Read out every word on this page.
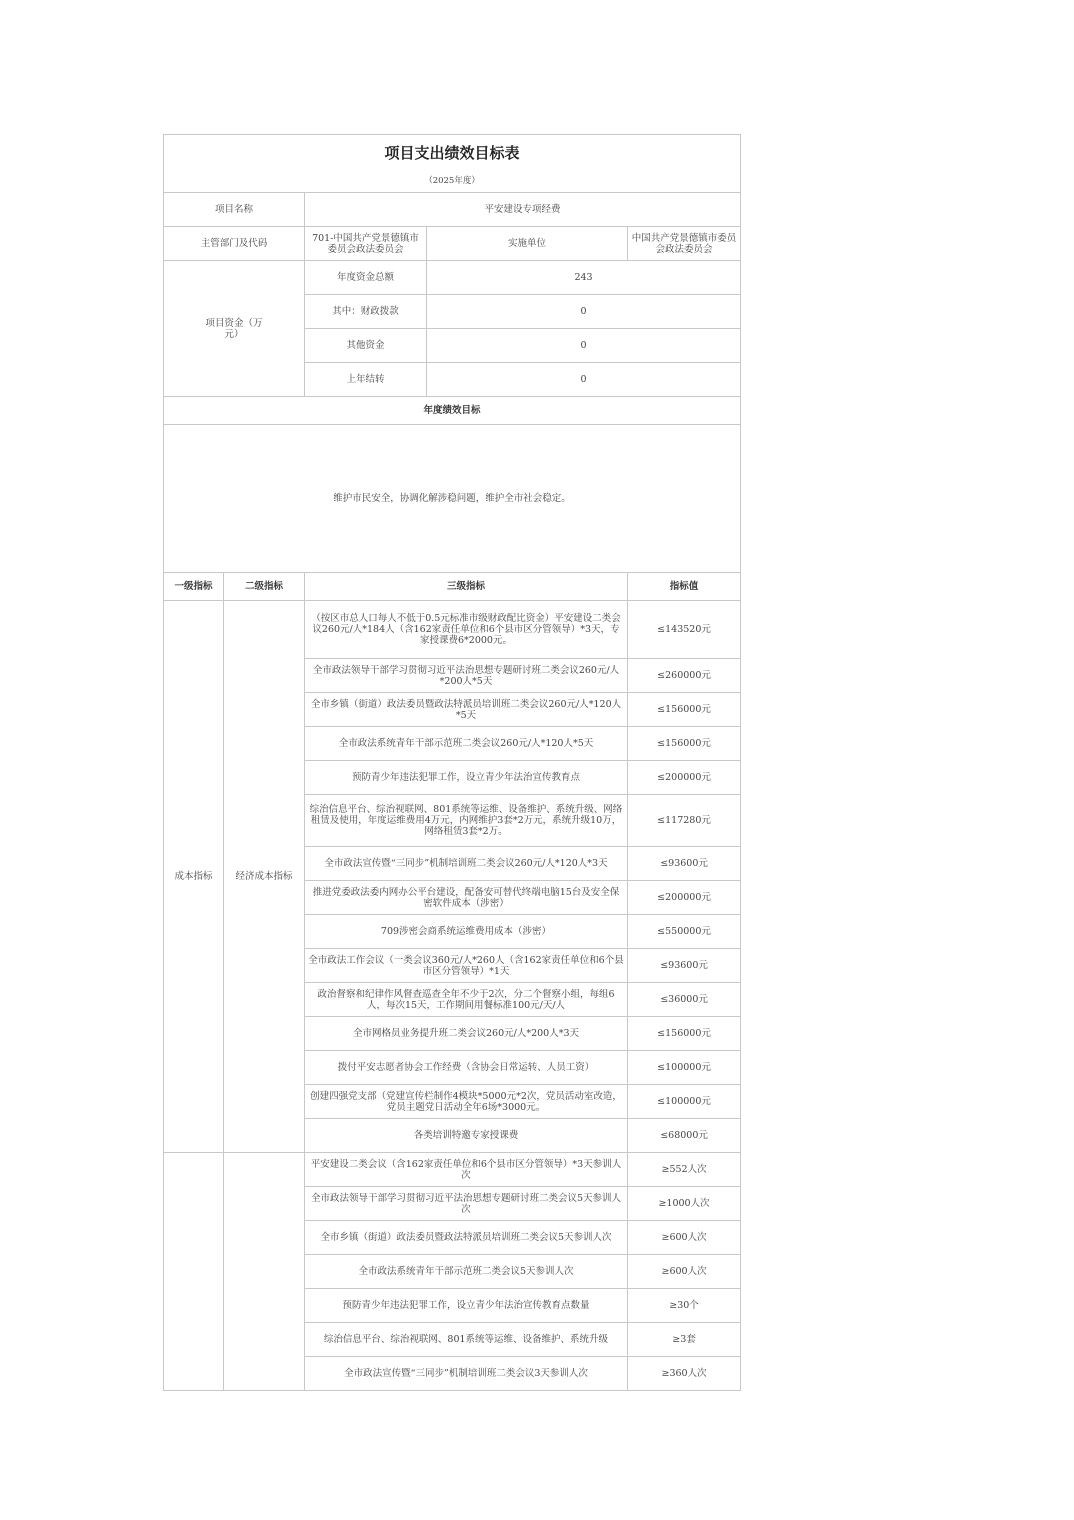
项目支出绩效目标表				
（2025年度）				
项目名称		平安建设专项经费		
主管部门及代码		701-中国共产党景德镇市委员会政法委员会	实施单位	中国共产党景德镇市委员会政法委员会
项目资金（万元）		年度资金总额	243	
		其中：财政拨款	0	
		其他资金	0	
		上年结转	0	
年度绩效目标				
维护市民安全，协调化解涉稳问题，维护全市社会稳定。				
一级指标	二级指标	三级指标		指标值
成本指标	经济成本指标	（按区市总人口每人不低于0.5元标准市级财政配比资金）平安建设二类会议260元/人*184人（含162家责任单位和6个县市区分管领导）*3天，专家授课费6*2000元。		≤143520元
		全市政法领导干部学习贯彻习近平法治思想专题研讨班二类会议260元/人*200人*5天		≤260000元
		全市乡镇（街道）政法委员暨政法特派员培训班二类会议260元/人*120人*5天		≤156000元
		全市政法系统青年干部示范班二类会议260元/人*120人*5天		≤156000元
		预防青少年违法犯罪工作，设立青少年法治宣传教育点		≤200000元
		综治信息平台、综治视联网、801系统等运维、设备维护、系统升级、网络租赁及使用，年度运维费用4万元，内网维护3套*2万元，系统升级10万，网络租赁3套*2万。		≤117280元
		全市政法宣传暨“三同步”机制培训班二类会议260元/人*120人*3天		≤93600元
		推进党委政法委内网办公平台建设，配备安可替代终端电脑15台及安全保密软件成本（涉密）		≤200000元
		709涉密会商系统运维费用成本（涉密）		≤550000元
		全市政法工作会议（一类会议360元/人*260人（含162家责任单位和6个县市区分管领导）*1天		≤93600元
		政治督察和纪律作风督查巡查全年不少于2次，分二个督察小组，每组6人，每次15天，工作期间用餐标准100元/天/人		≤36000元
		全市网格员业务提升班二类会议260元/人*200人*3天		≤156000元
		拨付平安志愿者协会工作经费（含协会日常运转、人员工资）		≤100000元
		创建四强党支部（党建宣传栏制作4模块*5000元*2次，党员活动室改造，党员主题党日活动全年6场*3000元。		≤100000元
		各类培训特邀专家授课费		≤68000元
		平安建设二类会议（含162家责任单位和6个县市区分管领导）*3天参训人次		≥552人次
		全市政法领导干部学习贯彻习近平法治思想专题研讨班二类会议5天参训人次		≥1000人次
		全市乡镇（街道）政法委员暨政法特派员培训班二类会议5天参训人次		≥600人次
		全市政法系统青年干部示范班二类会议5天参训人次		≥600人次
		预防青少年违法犯罪工作，设立青少年法治宣传教育点数量		≥30个
		综治信息平台、综治视联网、801系统等运维、设备维护、系统升级		≥3套
		全市政法宣传暨“三同步”机制培训班二类会议3天参训人次		≥360人次
